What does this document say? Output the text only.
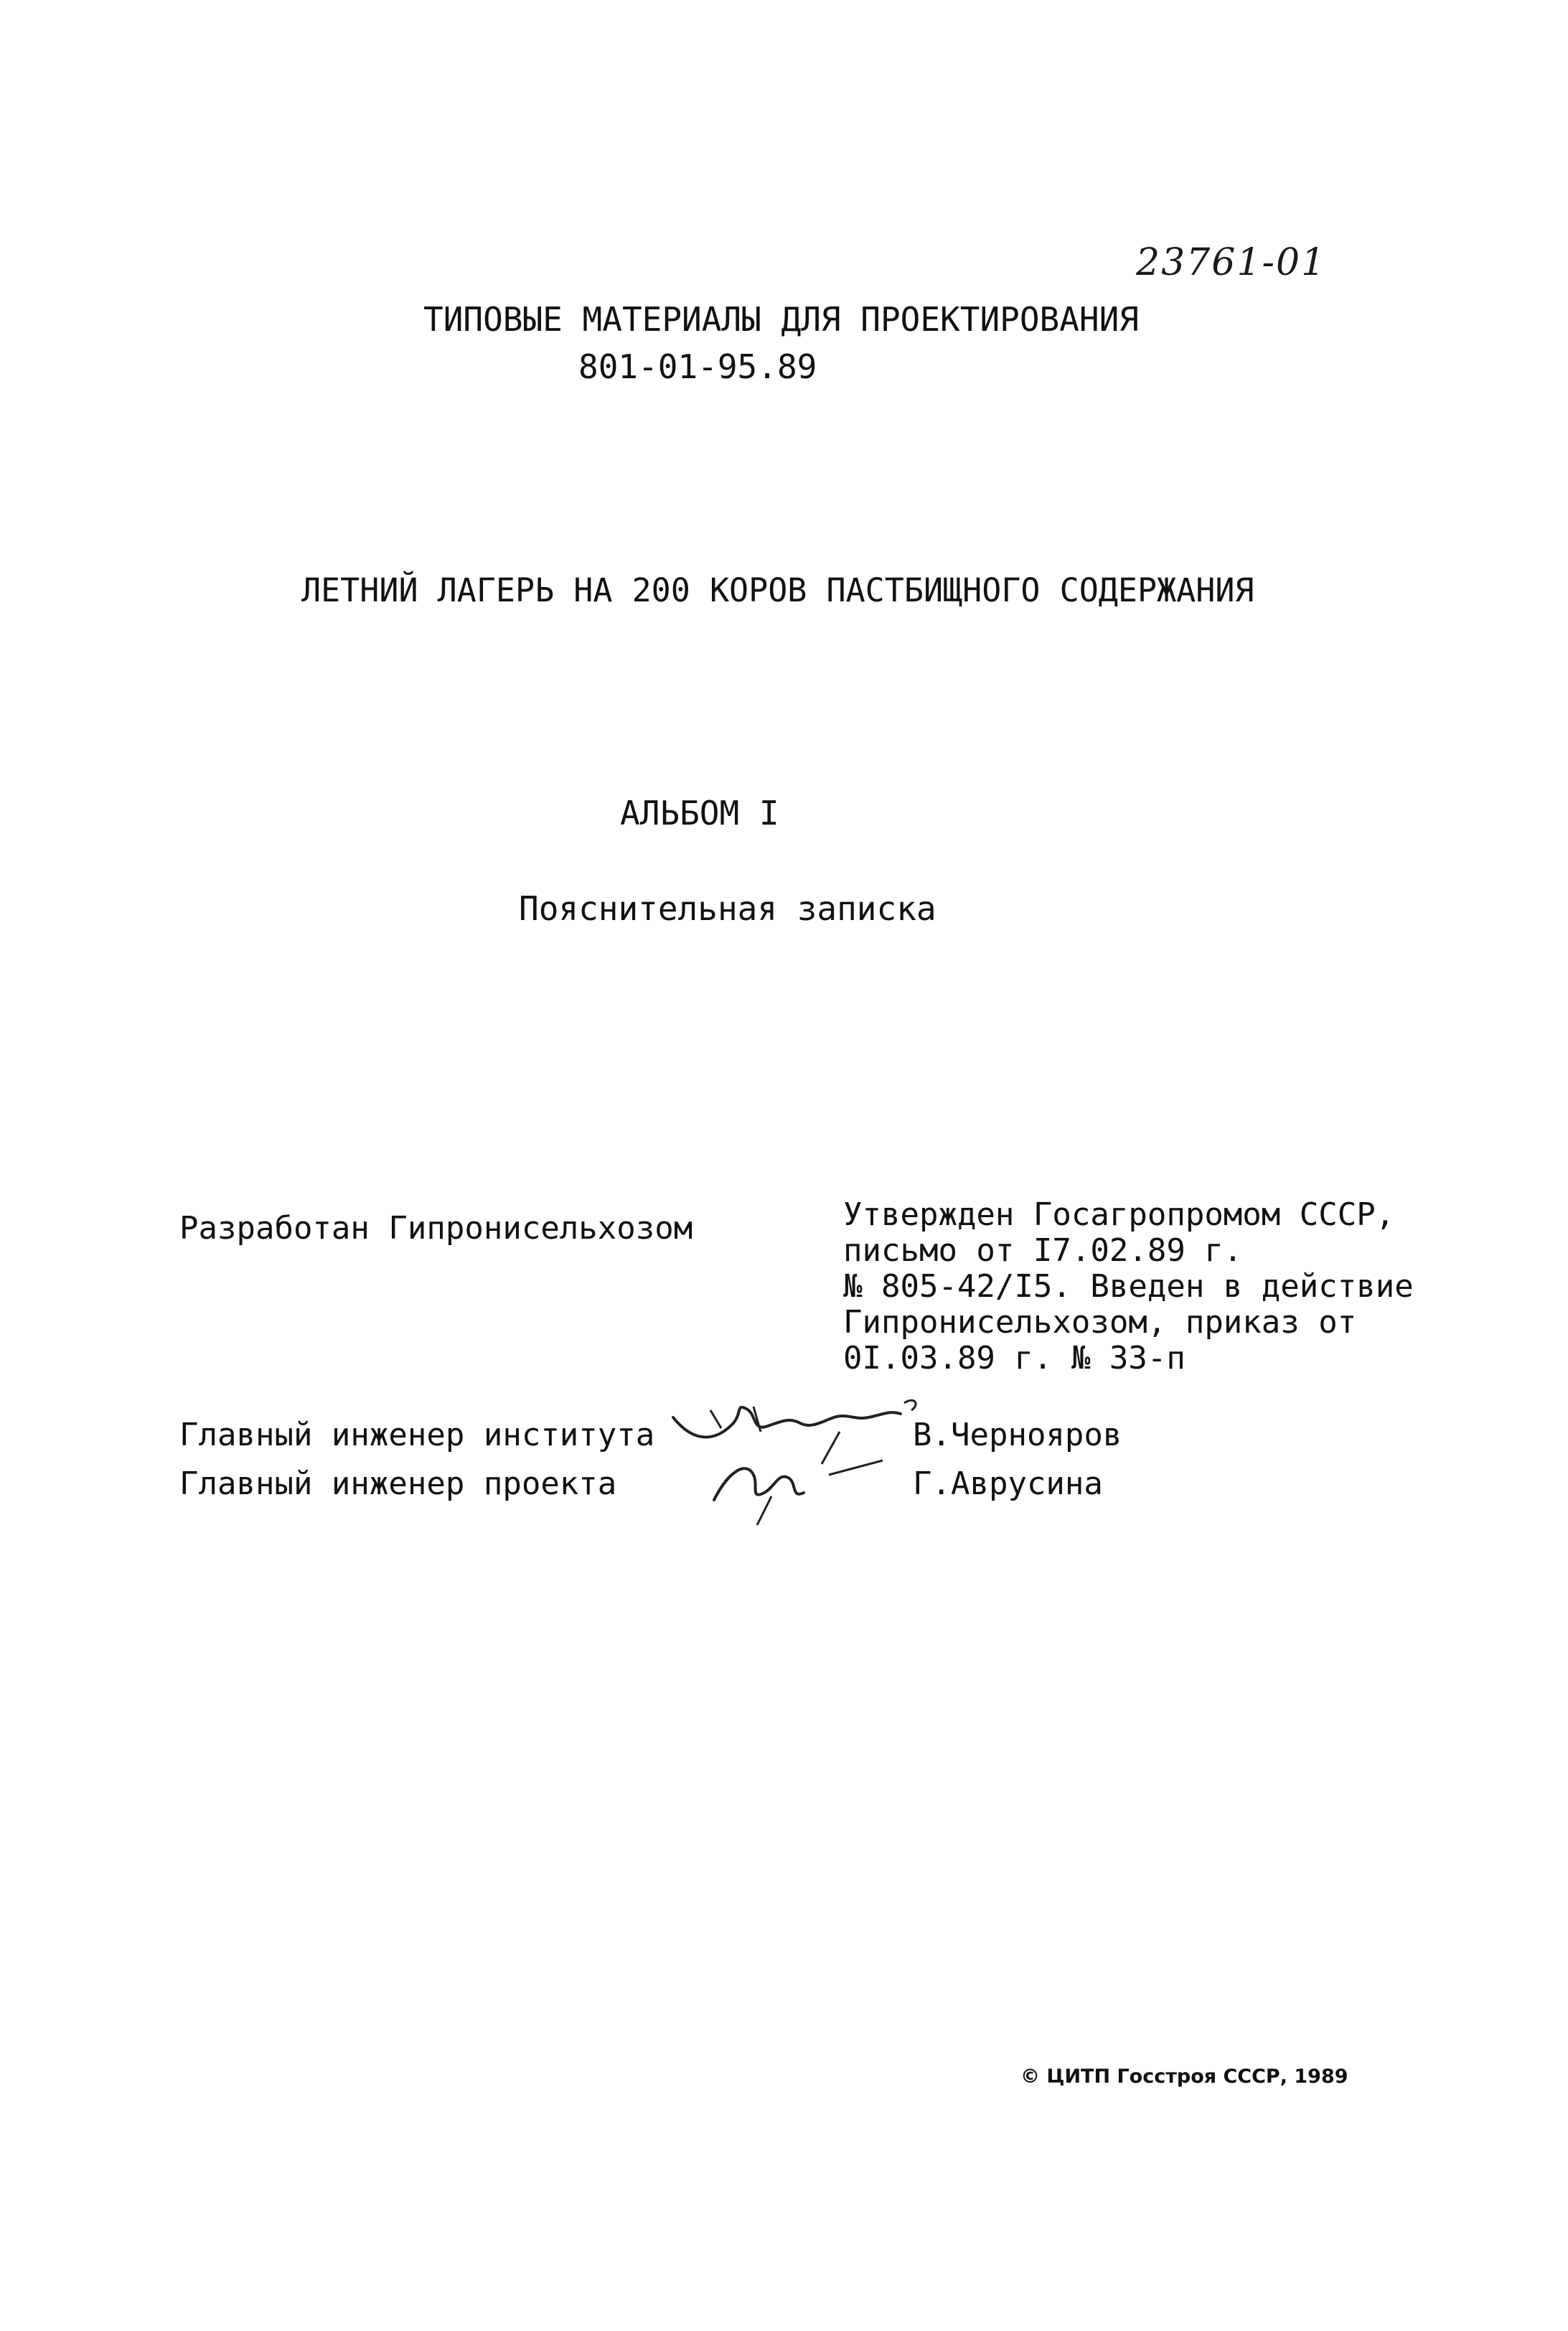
23761-01
ТИПОВЫЕ МАТЕРИАЛЫ ДЛЯ ПРОЕКТИРОВАНИЯ
801-01-95.89
ЛЕТНИЙ ЛАГЕРЬ НА 200 КОРОВ ПАСТБИЩНОГО СОДЕРЖАНИЯ
АЛЬБОМ I
Пояснительная записка
Разработан Гипронисельхозом	Утвержден Госагропромом СССР,
письмо от I7.02.89 г.
№ 805-42/I5. Введен в действие
Гипронисельхозом, приказ от
0I.03.89 г. № 33-п
Главный инженер института	В.Черноярoв
Главный инженер проекта	Г.Аврусина
© ЦИТП Госстроя СССР, 1989
